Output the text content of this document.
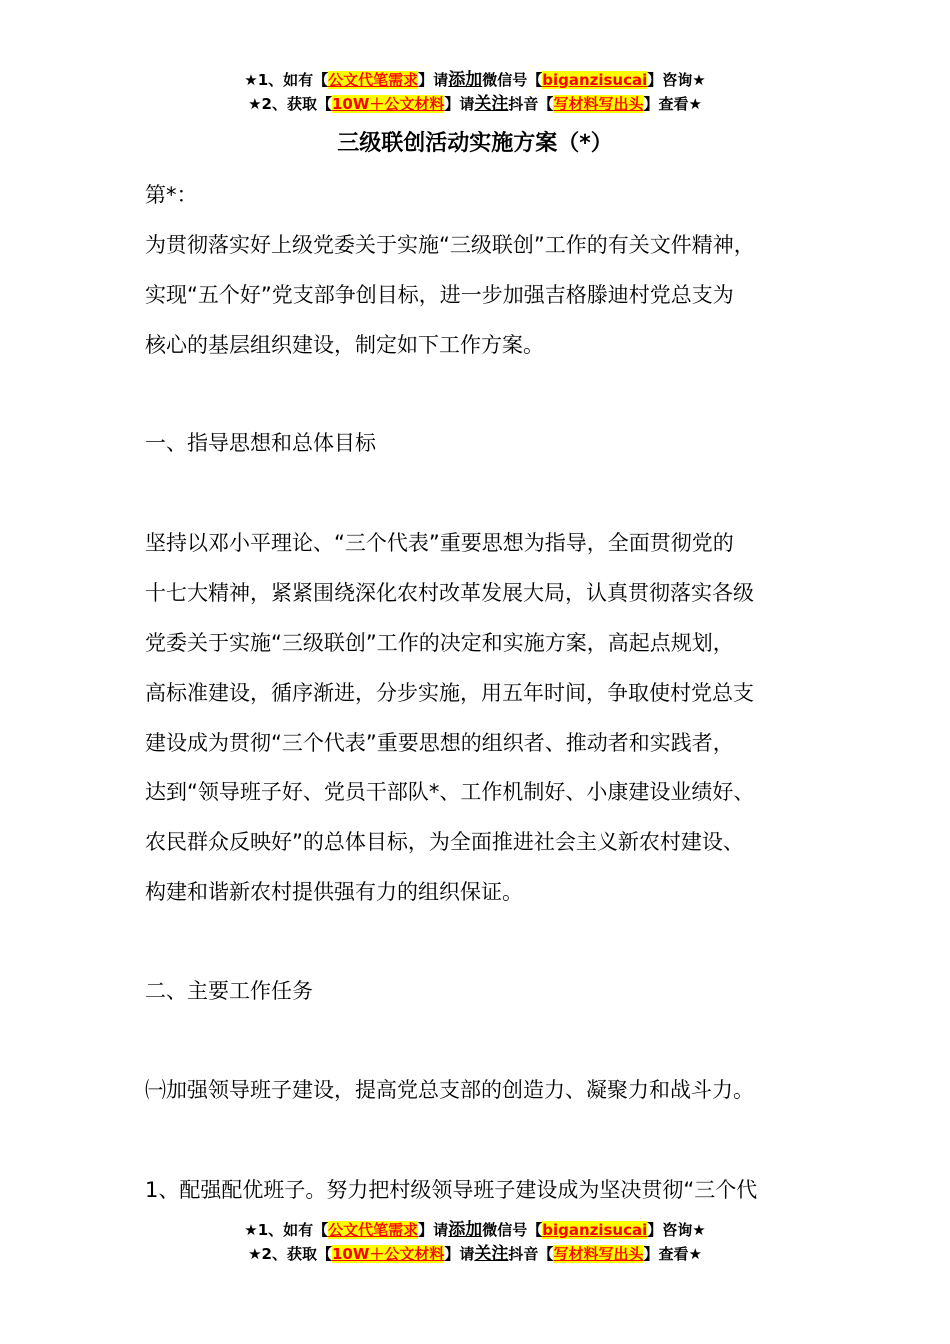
★1、如有【公文代笔需求】请添加微信号【biganzisucai】咨询★
★2、获取【10W＋公文材料】请关注抖音【写材料写出头】查看★
三级联创活动实施方案（*）
第*：
为贯彻落实好上级党委关于实施“三级联创”工作的有关文件精神，
实现“五个好”党支部争创目标，进一步加强吉格滕迪村党总支为
核心的基层组织建设，制定如下工作方案。
一、指导思想和总体目标
坚持以邓小平理论、“三个代表”重要思想为指导，全面贯彻党的
十七大精神，紧紧围绕深化农村改革发展大局，认真贯彻落实各级
党委关于实施“三级联创”工作的决定和实施方案，高起点规划，
高标准建设，循序渐进，分步实施，用五年时间，争取使村党总支
建设成为贯彻“三个代表”重要思想的组织者、推动者和实践者，
达到“领导班子好、党员干部队*、工作机制好、小康建设业绩好、
农民群众反映好”的总体目标，为全面推进社会主义新农村建设、
构建和谐新农村提供强有力的组织保证。
二、主要工作任务
㈠加强领导班子建设，提高党总支部的创造力、凝聚力和战斗力。
1、配强配优班子。努力把村级领导班子建设成为坚决贯彻“三个代
★1、如有【公文代笔需求】请添加微信号【biganzisucai】咨询★
★2、获取【10W＋公文材料】请关注抖音【写材料写出头】查看★
